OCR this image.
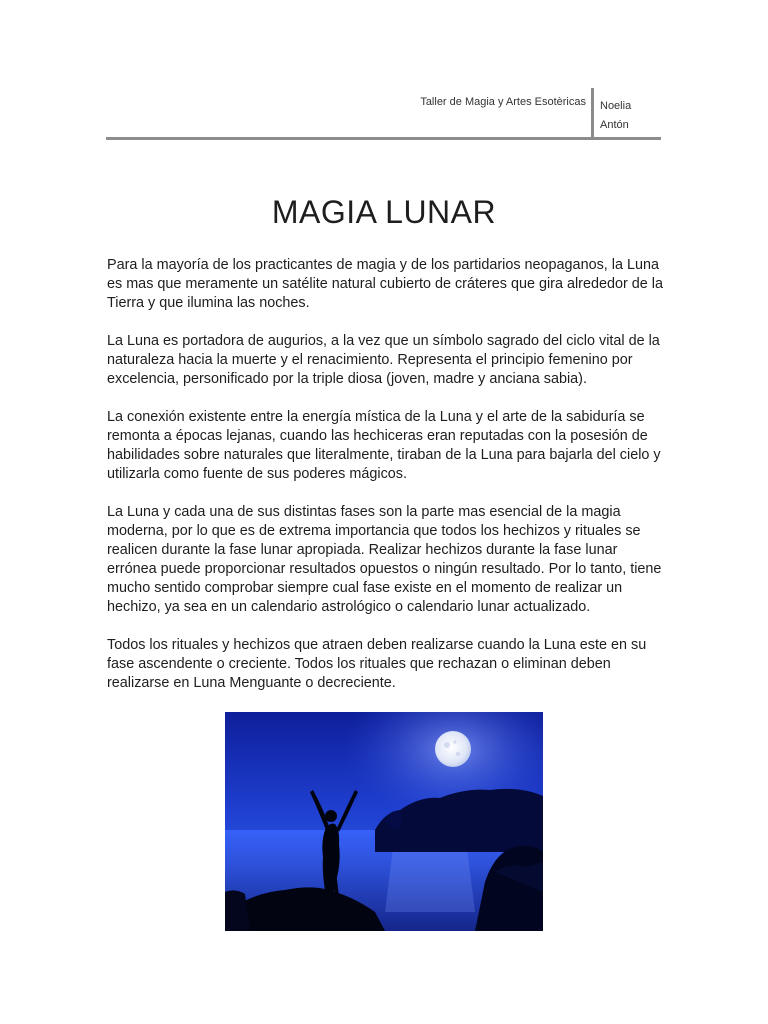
Taller de Magia y Artes Esotèricas Noelia
Antón
MAGIA LUNAR

Para la mayoría de los practicantes de magia y de los partidarios neopaganos, la Luna es mas que meramente un satélite natural cubierto de cráteres que gira alrededor de la Tierra y que ilumina las noches.

La Luna es portadora de augurios, a la vez que un símbolo sagrado del ciclo vital de la naturaleza hacia la muerte y el renacimiento. Representa el principio femenino por excelencia, personificado por la triple diosa (joven, madre y anciana sabia).

La conexión existente entre la energía mística de la Luna y el arte de la sabiduría se remonta a épocas lejanas, cuando las hechiceras eran reputadas con la posesión de habilidades sobre naturales que literalmente, tiraban de la Luna para bajarla del cielo y utilizarla como fuente de sus poderes mágicos.

La Luna y cada una de sus distintas fases son la parte mas esencial de la magia moderna, por lo que es de extrema importancia que todos los hechizos y rituales se realicen durante la fase lunar apropiada. Realizar hechizos durante la fase lunar errónea puede proporcionar resultados opuestos o ningún resultado. Por lo tanto, tiene mucho sentido comprobar siempre cual fase existe en el momento de realizar un hechizo, ya sea en un calendario astrológico o calendario lunar actualizado.

Todos los rituales y hechizos que atraen deben realizarse cuando la Luna este en su fase ascendente o creciente. Todos los rituales que rechazan o eliminan deben realizarse en Luna Menguante o decreciente.
